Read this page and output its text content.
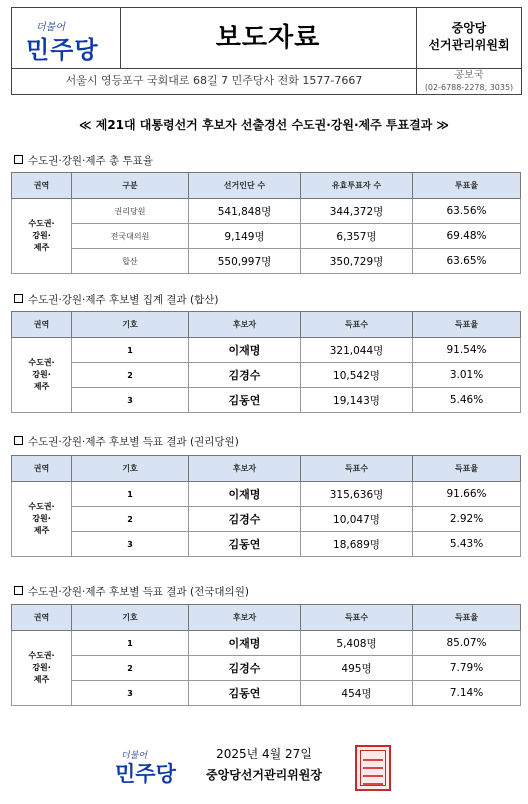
더불어
민주당	보도자료	중앙당
선거관리위원회
서울시 영등포구 국회대로 68길 7 민주당사 전화 1577-7667	공보국
(02-6788-2278, 3035)
≪ 제21대 대통령선거 후보자 선출경선 수도권·강원·제주 투표결과 ≫
수도권·강원·제주 총 투표율
권역	구분	선거인단 수	유효투표자 수	투표율

수도권·
강원·
제주	권리당원	541,848명	344,372명	63.56%
	전국대의원	9,149명	6,357명	69.48%
	합산	550,997명	350,729명	63.65%
수도권·강원·제주 후보별 집계 결과 (합산)
권역	기호	후보자	득표수	득표율

수도권·
강원·
제주	1	이재명	321,044명	91.54%
	2	김경수	10,542명	3.01%
	3	김동연	19,143명	5.46%
수도권·강원·제주 후보별 득표 결과 (권리당원)
권역	기호	후보자	득표수	득표율

수도권·
강원·
제주	1	이재명	315,636명	91.66%
	2	김경수	10,047명	2.92%
	3	김동연	18,689명	5.43%
수도권·강원·제주 후보별 득표 결과 (전국대의원)
권역	기호	후보자	득표수	득표율

수도권·
강원·
제주	1	이재명	5,408명	85.07%
	2	김경수	495명	7.79%
	3	김동연	454명	7.14%
더불어
민주당
2025년 4월 27일
중앙당선거관리위원장
